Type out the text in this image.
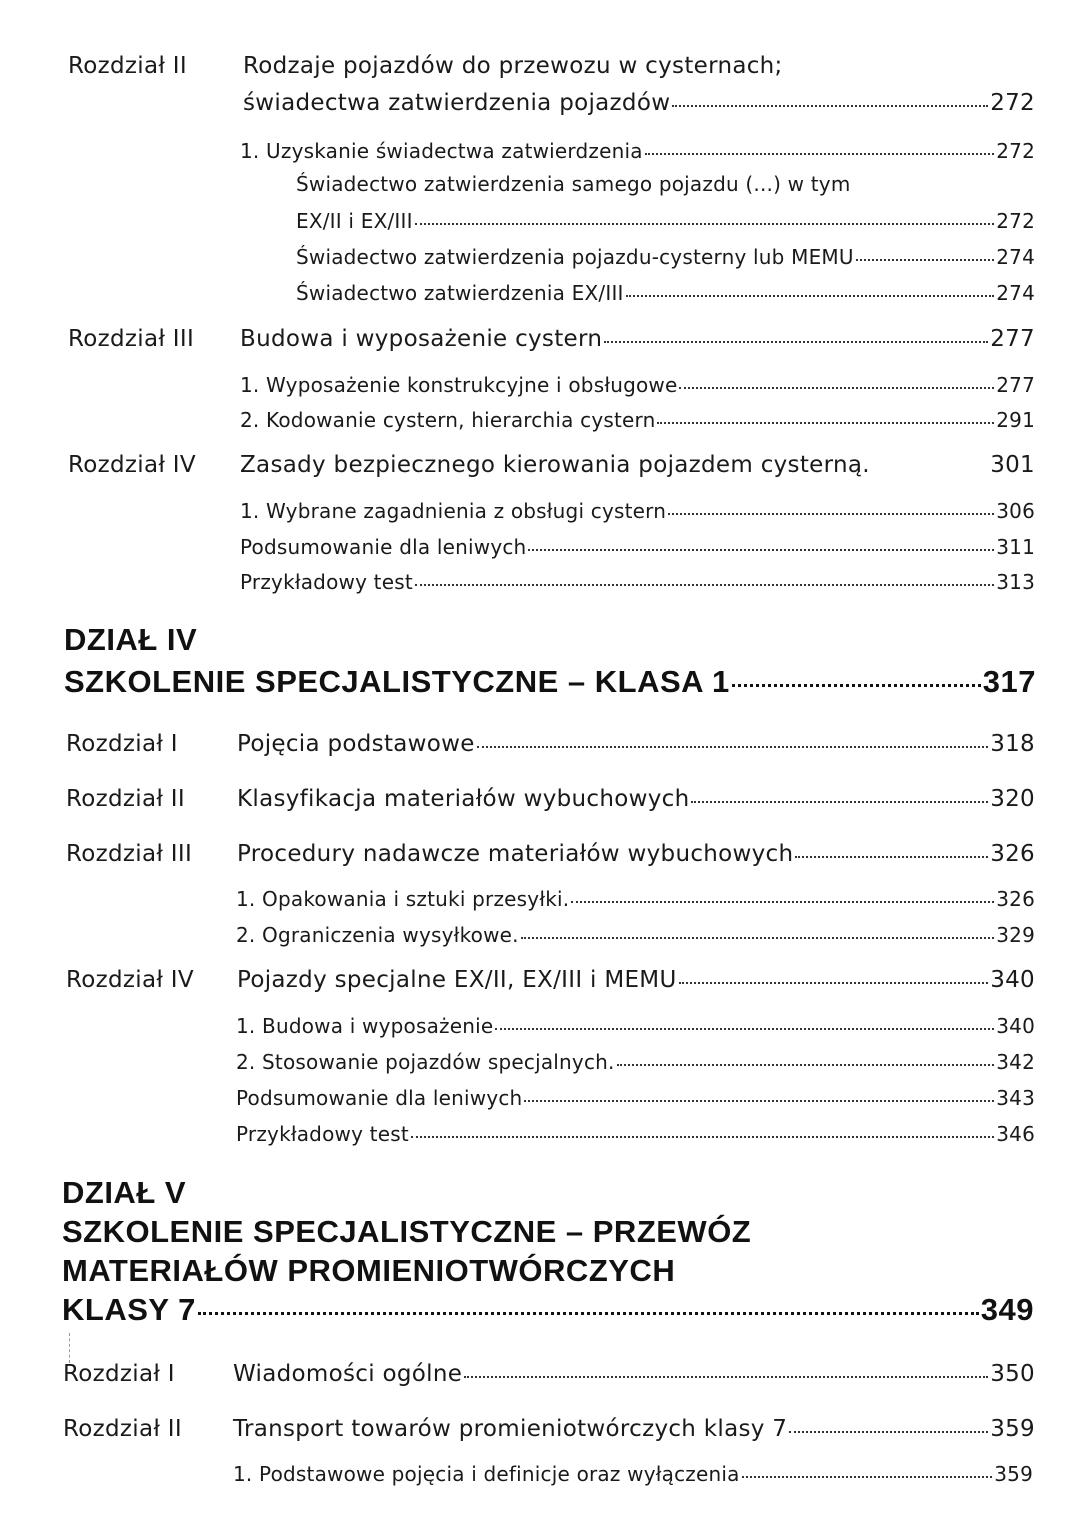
Rozdział II	Rodzaje pojazdów do przewozu w cysternach;
świadectwa zatwierdzenia pojazdów	272
1. Uzyskanie świadectwa zatwierdzenia	272
Świadectwo zatwierdzenia samego pojazdu (...) w tym
EX/II i EX/III	272
Świadectwo zatwierdzenia pojazdu-cysterny lub MEMU	274
Świadectwo zatwierdzenia EX/III	274
Rozdział III	Budowa i wyposażenie cystern	277
1. Wyposażenie konstrukcyjne i obsługowe	277
2. Kodowanie cystern, hierarchia cystern	291
Rozdział IV	Zasady bezpiecznego kierowania pojazdem cysterną.	301
1. Wybrane zagadnienia z obsługi cystern	306
Podsumowanie dla leniwych	311
Przykładowy test	313
DZIAŁ IV
SZKOLENIE SPECJALISTYCZNE – KLASA 1	317
Rozdział I	Pojęcia podstawowe	318
Rozdział II	Klasyfikacja materiałów wybuchowych	320
Rozdział III	Procedury nadawcze materiałów wybuchowych	326
1. Opakowania i sztuki przesyłki.	326
2. Ograniczenia wysyłkowe.	329
Rozdział IV	Pojazdy specjalne EX/II, EX/III i MEMU	340
1. Budowa i wyposażenie	340
2. Stosowanie pojazdów specjalnych.	342
Podsumowanie dla leniwych	343
Przykładowy test	346
DZIAŁ V
SZKOLENIE SPECJALISTYCZNE – PRZEWÓZ
MATERIAŁÓW PROMIENIOTWÓRCZYCH
KLASY 7	349
Rozdział I	Wiadomości ogólne	350
Rozdział II	Transport towarów promieniotwórczych klasy 7	359
1. Podstawowe pojęcia i definicje oraz wyłączenia	359
